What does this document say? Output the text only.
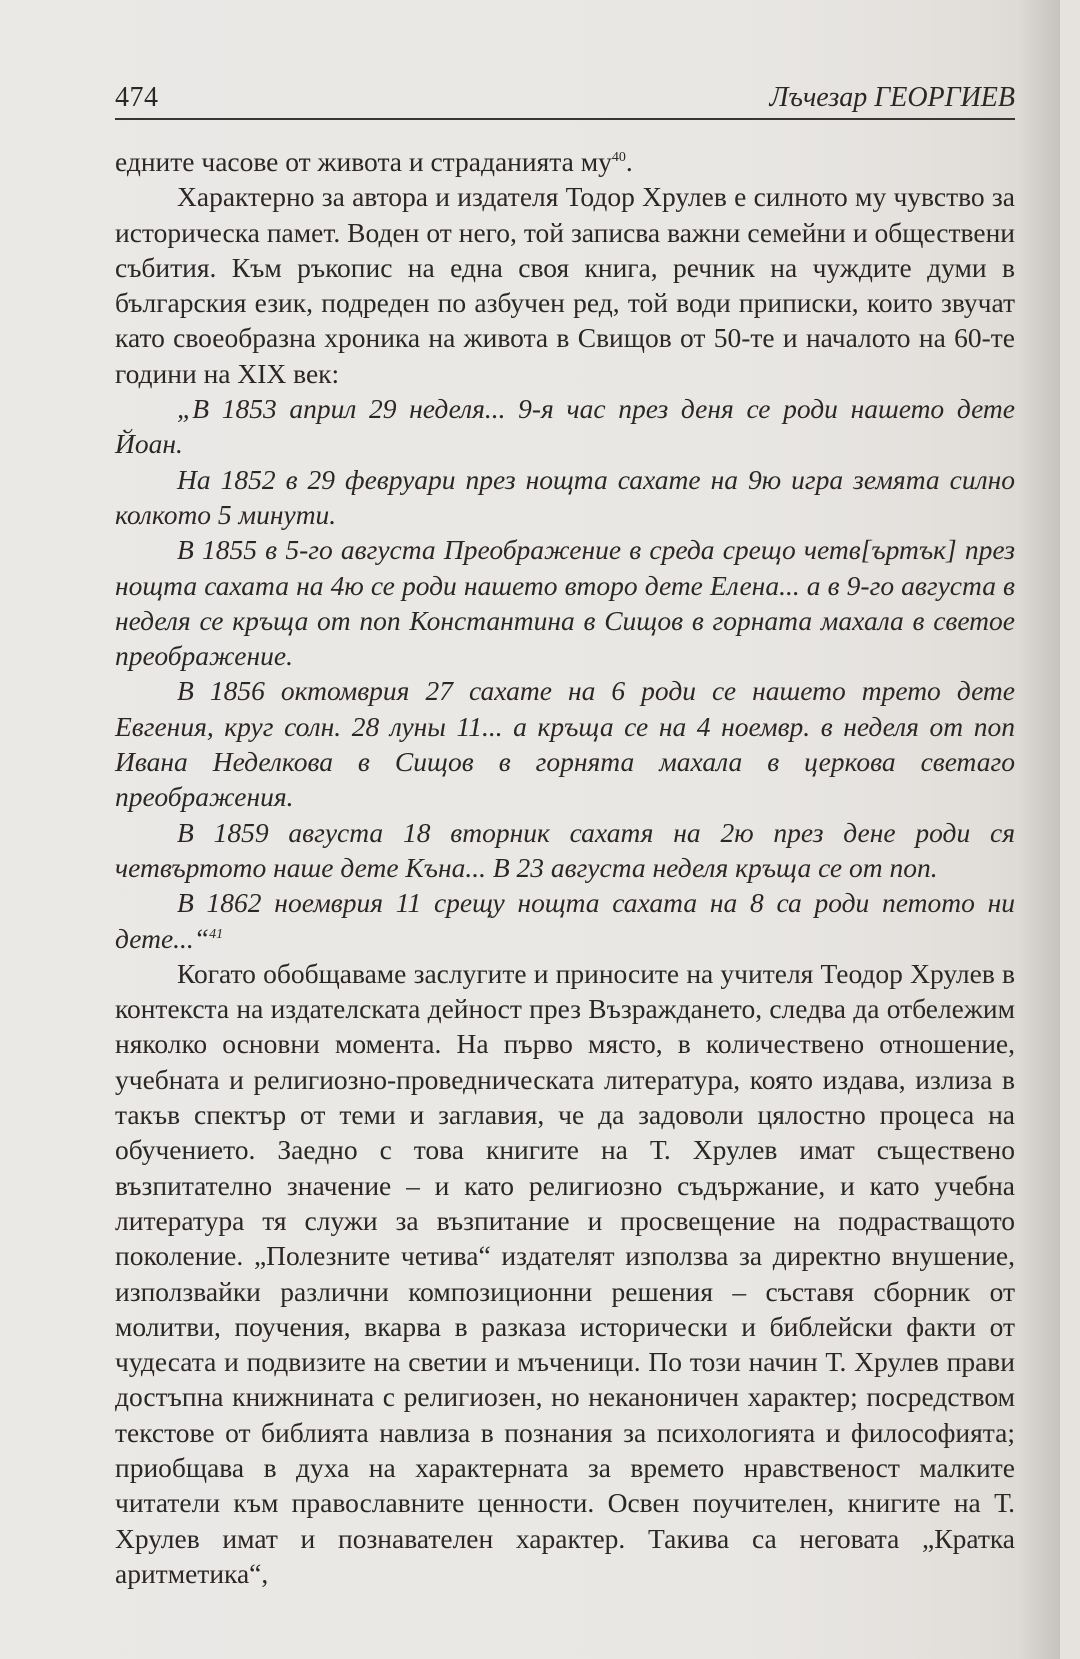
474	Лъчезар ГЕОРГИЕВ

едните часове от живота и страданията $му^{40}$.

Характерно за автора и издателя Тодор Хрулев е силното му чувство за историческа памет. Воден от него, той записва важни семейни и обществени събития. Към ръкопис на една своя книга, речник на чуждите думи в българския език, подреден по азбучен ред, той води приписки, които звучат като своеобразна хроника на живота в Свищов от 50-те и началото на 60-те години на XIX век:

„В 1853 април 29 неделя... 9-я час през деня се роди нашето дете Йоан.

На 1852 в 29 февруари през нощта сахате на 9ю игра земята силно колкото 5 минути.

В 1855 в 5-го августа Преображение в среда срещо четв[ъртък] през нощта сахата на 4ю се роди нашето второ дете Елена... а в 9-го августа в неделя се кръща от поп Константина в Сищов в горната махала в светое преображение.

В 1856 октомврия 27 сахате на 6 роди се нашето трето дете Евгения, круг солн. 28 луны 11... а кръща се на 4 ноемвр. в неделя от поп Ивана Неделкова в Сищов в горнята махала в церкова светаго преображения.

В 1859 августа 18 вторник сахатя на 2ю през дене роди ся четвъртото наше дете Къна... В 23 августа неделя кръща се от поп.

В 1862 ноемврия 11 срещу нощта сахата на 8 са роди петото ни дете...“$^{41}$

Когато обобщаваме заслугите и приносите на учителя Теодор Хрулев в контекста на издателската дейност през Възраждането, следва да отбележим няколко основни момента. На първо място, в количествено отношение, учебната и религиозно-проведническата литература, която издава, излиза в такъв спектър от теми и заглавия, че да задоволи цялостно процеса на обучението. Заедно с това книгите на Т. Хрулев имат съществено възпитателно значение – и като религиозно съдържание, и като учебна литература тя служи за възпитание и просвещение на подрастващото поколение. „Полезните четива“ издателят използва за директно внушение, използвайки различни композиционни решения – съставя сборник от молитви, поучения, вкарва в разказа исторически и библейски факти от чудесата и подвизите на светии и мъченици. По този начин Т. Хрулев прави достъпна книжнината с религиозен, но неканоничен характер; посредством текстове от библията навлиза в познания за психологията и философията; приобщава в духа на характерната за времето нравственост малките читатели към православните ценности. Освен поучителен, книгите на Т. Хрулев имат и познавателен характер. Такива са неговата „Кратка аритметика“,
